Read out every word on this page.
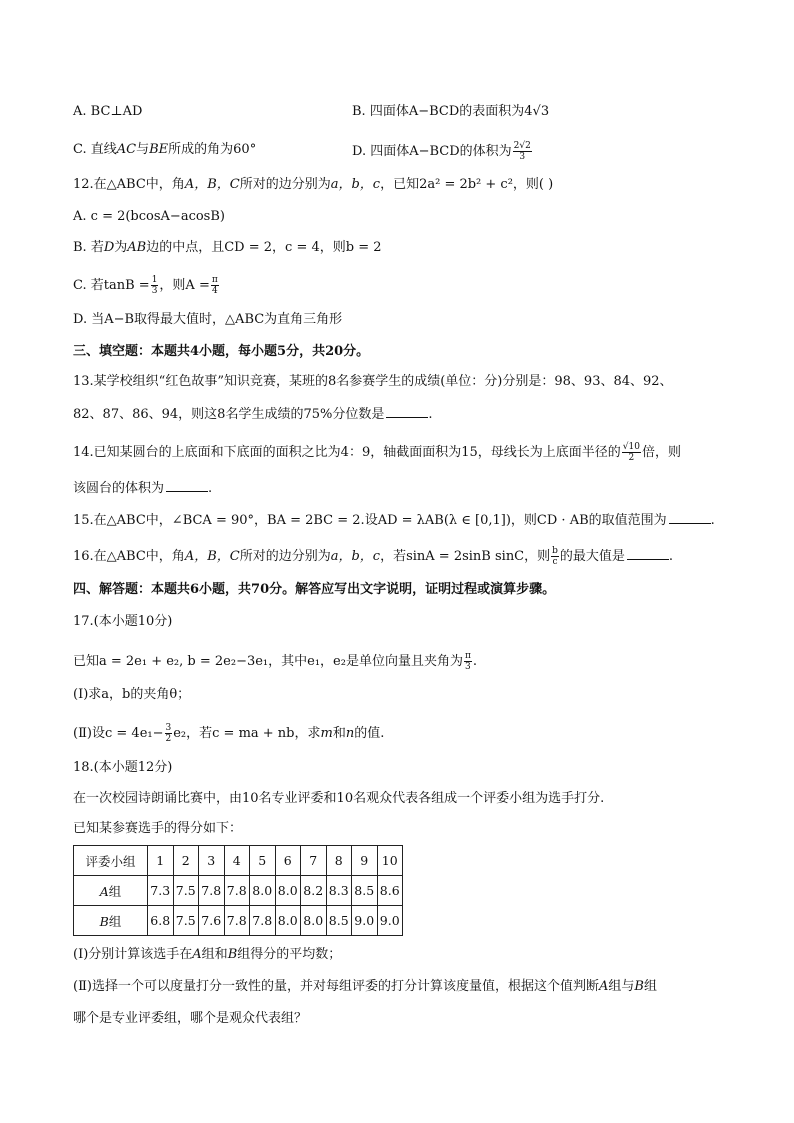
A. BC⊥AD	B. 四面体A−BCD的表面积为4√3
C. 直线AC与BE所成的角为60°	D. 四面体A−BCD的体积为 $\frac{2√2}{3}$
12.在△ABC中，角A，B，C所对的边分别为a，b，c，已知2a² = 2b² + c²，则( )
A. c = 2(bcosA−acosB)
B. 若D为AB边的中点，且CD = 2，c = 4，则b = 2
C. 若$\tan B = \frac{1}{3}$ ，则$A = \frac{\pi}{4}$
D. 当A−B取得最大值时，△ABC为直角三角形
三、填空题：本题共4小题，每小题5分，共20分。
13.某学校组织“红色故事”知识竞赛，某班的8名参赛学生的成绩(单位：分)分别是：98、93、84、92、
82、87、86、94，则这8名学生成绩的75%分位数是	.
14.已知某圆台的上底面和下底面的面积之比为4：9，轴截面面积为15，母线长为上底面半径的 $\frac{√10}{2}$ 倍，则
该圆台的体积为	.
15.在△ABC中，∠BCA = 90°，BA = 2BC = 2.设AD = λAB(λ ∈ [0,1])，则CD · AB的取值范围为	.
16.在△ABC中，角A，B，C所对的边分别为a，b，c，若sinA = 2sinB sinC，则 $\frac{b}{c}$ 的最大值是	.
四、解答题：本题共6小题，共70分。解答应写出文字说明，证明过程或演算步骤。
17.(本小题10分)
已知a = 2e₁ + e₂, b = 2e₂−3e₁，其中e₁，e₂是单位向量且夹角为 $\frac{\pi}{3}$ .
(Ⅰ)求a，b的夹角θ；
(Ⅱ)设$c = 4e_1- \frac{3}{2} e_2$，若c = ma + nb，求m和n的值.
18.(本小题12分)
在一次校园诗朗诵比赛中，由10名专业评委和10名观众代表各组成一个评委小组为选手打分.
已知某参赛选手的得分如下：
评委小组	1	2	3	4	5	6	7	8	9	10
A组	7.3	7.5	7.8	7.8	8.0	8.0	8.2	8.3	8.5	8.6
B组	6.8	7.5	7.6	7.8	7.8	8.0	8.0	8.5	9.0	9.0
(Ⅰ)分别计算该选手在A组和B组得分的平均数；
(Ⅱ)选择一个可以度量打分一致性的量，并对每组评委的打分计算该度量值，根据这个值判断A组与B组
哪个是专业评委组，哪个是观众代表组？
